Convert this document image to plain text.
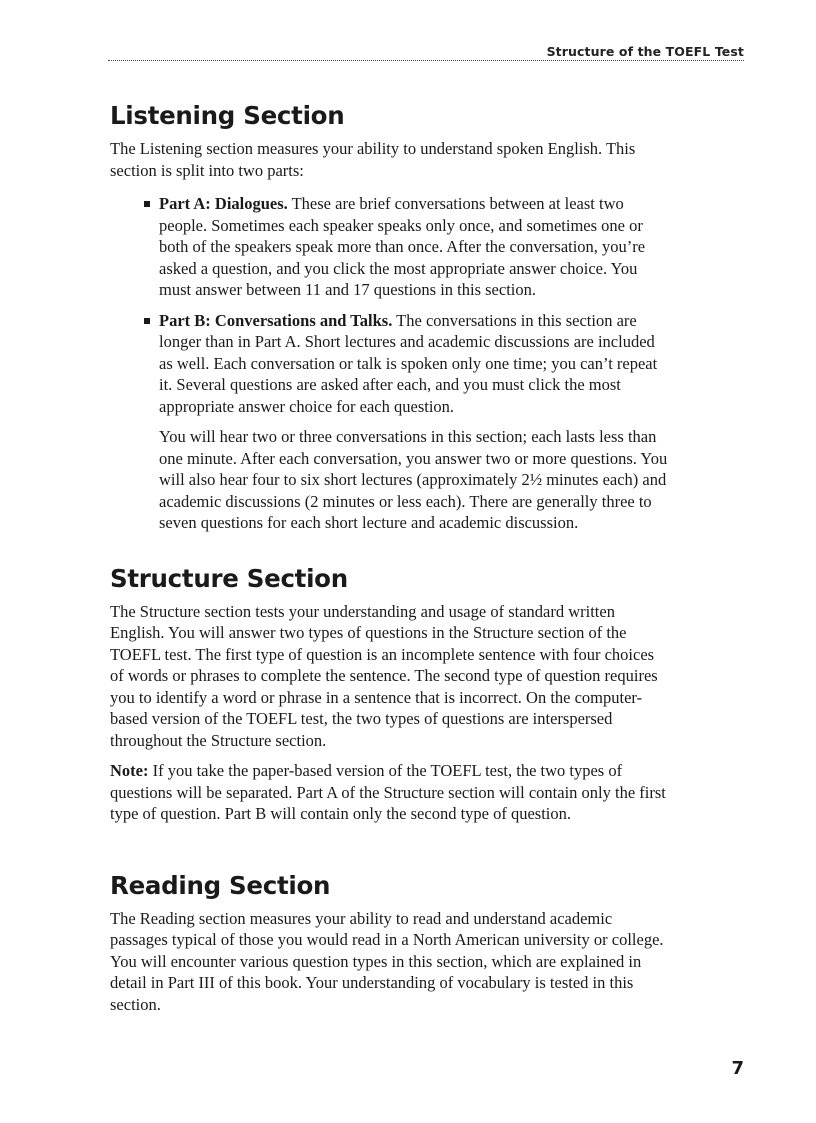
Structure of the TOEFL Test
Listening Section

The Listening section measures your ability to understand spoken English. This section is split into two parts:

Part A: Dialogues. These are brief conversations between at least two people. Sometimes each speaker speaks only once, and sometimes one or both of the speakers speak more than once. After the conversation, you’re asked a question, and you click the most appropriate answer choice. You must answer between 11 and 17 questions in this section.

Part B: Conversations and Talks. The conversations in this section are longer than in Part A. Short lectures and academic discussions are included as well. Each conversation or talk is spoken only one time; you can’t repeat it. Several questions are asked after each, and you must click the most appropriate answer choice for each question.

You will hear two or three conversations in this section; each lasts less than one minute. After each conversation, you answer two or more questions. You will also hear four to six short lectures (approximately 2½ minutes each) and academic discussions (2 minutes or less each). There are generally three to seven questions for each short lecture and academic discussion.

Structure Section

The Structure section tests your understanding and usage of standard written English. You will answer two types of questions in the Structure section of the TOEFL test. The first type of question is an incomplete sentence with four choices of words or phrases to complete the sentence. The second type of question requires you to identify a word or phrase in a sentence that is incorrect. On the computer-based version of the TOEFL test, the two types of questions are interspersed throughout the Structure section.

Note: If you take the paper-based version of the TOEFL test, the two types of questions will be separated. Part A of the Structure section will contain only the first type of question. Part B will contain only the second type of question.

Reading Section

The Reading section measures your ability to read and understand academic passages typical of those you would read in a North American university or college. You will encounter various question types in this section, which are explained in detail in Part III of this book. Your understanding of vocabulary is tested in this section.

7
